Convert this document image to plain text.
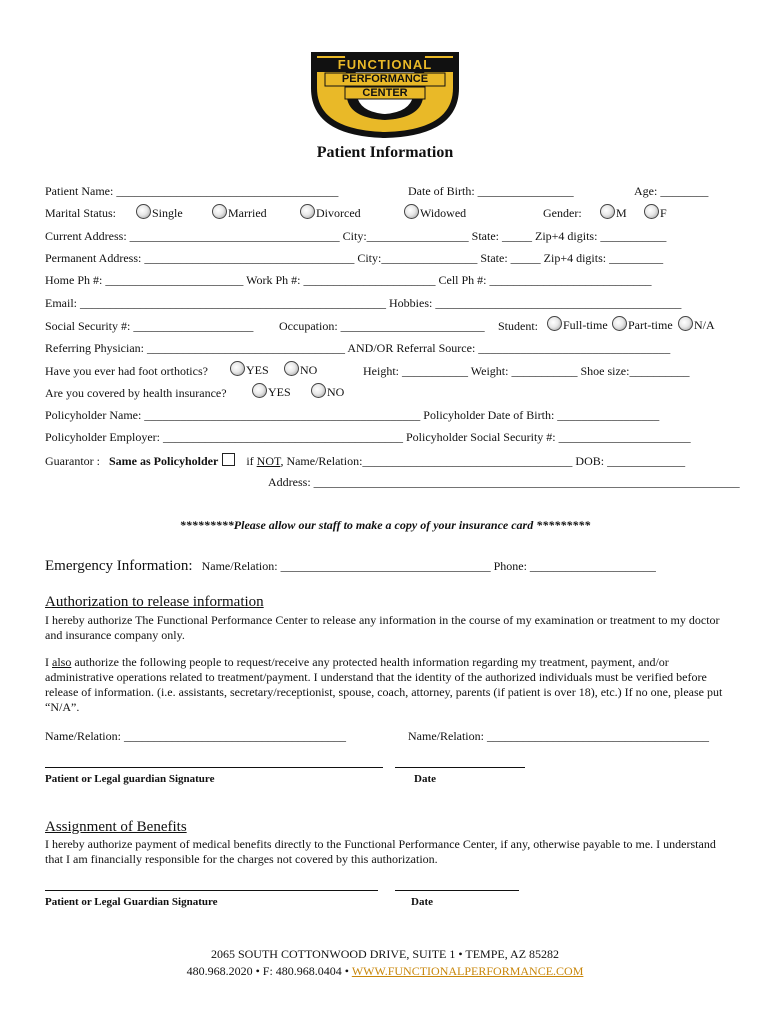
FUNCTIONAL
PERFORMANCE
CENTER
Patient Information
Patient Name: _____________________________________	Date of Birth: ________________	Age: ________
Marital Status:	Single	Married	Divorced	Widowed	Gender:	M	F
Current Address: ___________________________________ City:_________________ State: _____ Zip+4 digits: ___________
Permanent Address: ___________________________________ City:________________ State: _____ Zip+4 digits: _________
Home Ph #: _______________________ Work Ph #: ______________________ Cell Ph #: ___________________________
Email: ___________________________________________________ Hobbies: _________________________________________
Social Security #: ____________________ Occupation: ________________________ Student:	Full-time	Part-time	N/A
Referring Physician: _________________________________ AND/OR Referral Source: ________________________________
Have you ever had foot orthotics?	YES	NO	Height: ___________ Weight: ___________ Shoe size:__________
Are you covered by health insurance?	YES	NO
Policyholder Name: ______________________________________________ Policyholder Date of Birth: _________________
Policyholder Employer: ________________________________________ Policyholder Social Security #: ______________________
Guarantor : Same as Policyholder if NOT, Name/Relation:___________________________________ DOB: _____________
Address: _______________________________________________________________________
*********Please allow our staff to make a copy of your insurance card *********
Emergency Information: Name/Relation: ___________________________________ Phone: _____________________
Authorization to release information
I hereby authorize The Functional Performance Center to release any information in the course of my examination or treatment to my doctor and insurance company only.
I also authorize the following people to request/receive any protected health information regarding my treatment, payment, and/or administrative operations related to treatment/payment. I understand that the identity of the authorized individuals must be verified before release of information. (i.e. assistants, secretary/receptionist, spouse, coach, attorney, parents (if patient is over 18), etc.) If no one, please put “N/A”.
Name/Relation: _____________________________________	Name/Relation: _____________________________________
Patient or Legal guardian Signature	Date
Assignment of Benefits
I hereby authorize payment of medical benefits directly to the Functional Performance Center, if any, otherwise payable to me. I understand that I am financially responsible for the charges not covered by this authorization.
Patient or Legal Guardian Signature	Date
2065 SOUTH COTTONWOOD DRIVE, SUITE 1 • TEMPE, AZ 85282
480.968.2020 • F: 480.968.0404 • WWW.FUNCTIONALPERFORMANCE.COM
